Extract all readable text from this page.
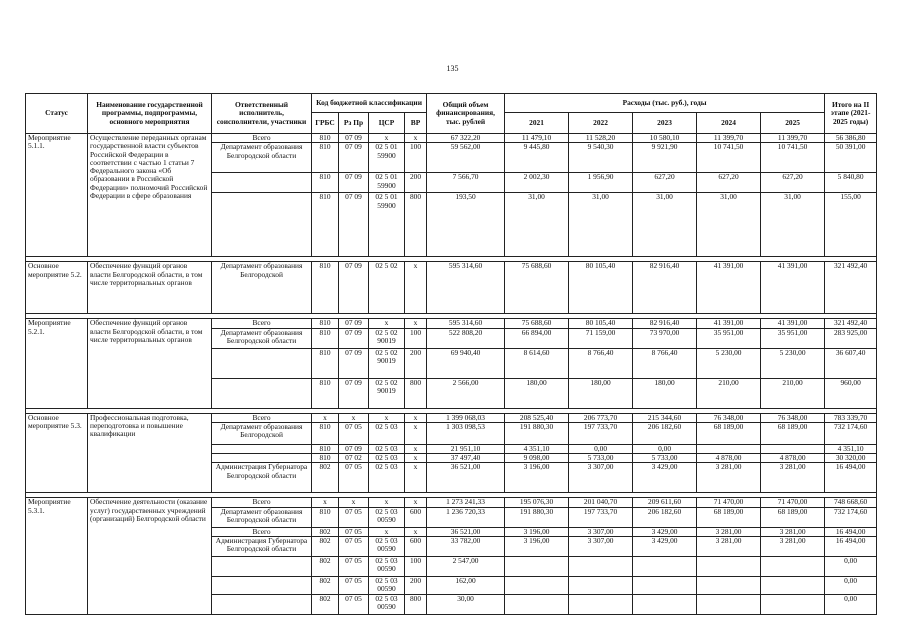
135
Статус	Наименование государственной программы, подпрограммы, основного мероприятия	Ответственный исполнитель, соисполнители, участники	Код бюджетной классификации				Общий объем финансирования, тыс. рублей	Расходы (тыс. руб.), годы					Итого на II этапе (2021-2025 годы)
			ГРБС	Рз Пр	ЦСР	ВР		2021	2022	2023	2024	2025	
Мероприятие 5.1.1.	Осуществление переданных органам государственной власти субъектов Российской Федерации в соответствии с частью 1 статьи 7 Федерального закона «Об образовании в Российской Федерации» полномочий Российской Федерации в сфере образования	Всего	810	07 09	x	x	67 322,20	11 479,10	11 528,20	10 580,10	11 399,70	11 399,70	56 386,80
		Департамент образования Белгородской области	810	07 09	02 5 01 59900	100	59 562,00	9 445,80	9 540,30	9 921,90	10 741,50	10 741,50	50 391,00
			810	07 09	02 5 01 59900	200	7 566,70	2 002,30	1 956,90	627,20	627,20	627,20	5 840,80
			810	07 09	02 5 01 59900	800	193,50	31,00	31,00	31,00	31,00	31,00	155,00

Основное мероприятие 5.2.	Обеспечение функций органов власти Белгородской области, в том числе территориальных органов	Департамент образования Белгородской	810	07 09	02 5 02	x	595 314,60	75 688,60	80 105,40	82 916,40	41 391,00	41 391,00	321 492,40

Мероприятие 5.2.1.	Обеспечение функций органов власти Белгородской области, в том числе территориальных органов	Всего	810	07 09	x	x	595 314,60	75 688,60	80 105,40	82 916,40	41 391,00	41 391,00	321 492,40
		Департамент образования Белгородской области	810	07 09	02 5 02 90019	100	522 808,20	66 894,00	71 159,00	73 970,00	35 951,00	35 951,00	283 925,00
			810	07 09	02 5 02 90019	200	69 940,40	8 614,60	8 766,40	8 766,40	5 230,00	5 230,00	36 607,40
			810	07 09	02 5 02 90019	800	2 566,00	180,00	180,00	180,00	210,00	210,00	960,00

Основное мероприятие 5.3.	Профессиональная подготовка, переподготовка и повышение квалификации	Всего	x	x	x	x	1 399 068,03	208 525,40	206 773,70	215 344,60	76 348,00	76 348,00	783 339,70
		Департамент образования Белгородской	810	07 05	02 5 03	x	1 303 098,53	191 880,30	197 733,70	206 182,60	68 189,00	68 189,00	732 174,60
			810	07 09	02 5 03	x	21 951,10	4 351,10	0,00	0,00			4 351,10
			810	07 02	02 5 03	x	37 497,40	9 098,00	5 733,00	5 733,00	4 878,00	4 878,00	30 320,00
		Администрация Губернатора Белгородской области	802	07 05	02 5 03	x	36 521,00	3 196,00	3 307,00	3 429,00	3 281,00	3 281,00	16 494,00

Мероприятие 5.3.1.	Обеспечение деятельности (оказание услуг) государственных учреждений (организаций) Белгородской области	Всего	x	x	x	x	1 273 241,33	195 076,30	201 040,70	209 611,60	71 470,00	71 470,00	748 668,60
		Департамент образования Белгородской области	810	07 05	02 5 03 00590	600	1 236 720,33	191 880,30	197 733,70	206 182,60	68 189,00	68 189,00	732 174,60
		Всего	802	07 05	x	x	36 521,00	3 196,00	3 307,00	3 429,00	3 281,00	3 281,00	16 494,00
		Администрация Губернатора Белгородской области	802	07 05	02 5 03 00590	600	33 782,00	3 196,00	3 307,00	3 429,00	3 281,00	3 281,00	16 494,00
			802	07 05	02 5 03 00590	100	2 547,00						0,00
			802	07 05	02 5 03 00590	200	162,00						0,00
			802	07 05	02 5 03 00590	800	30,00						0,00
